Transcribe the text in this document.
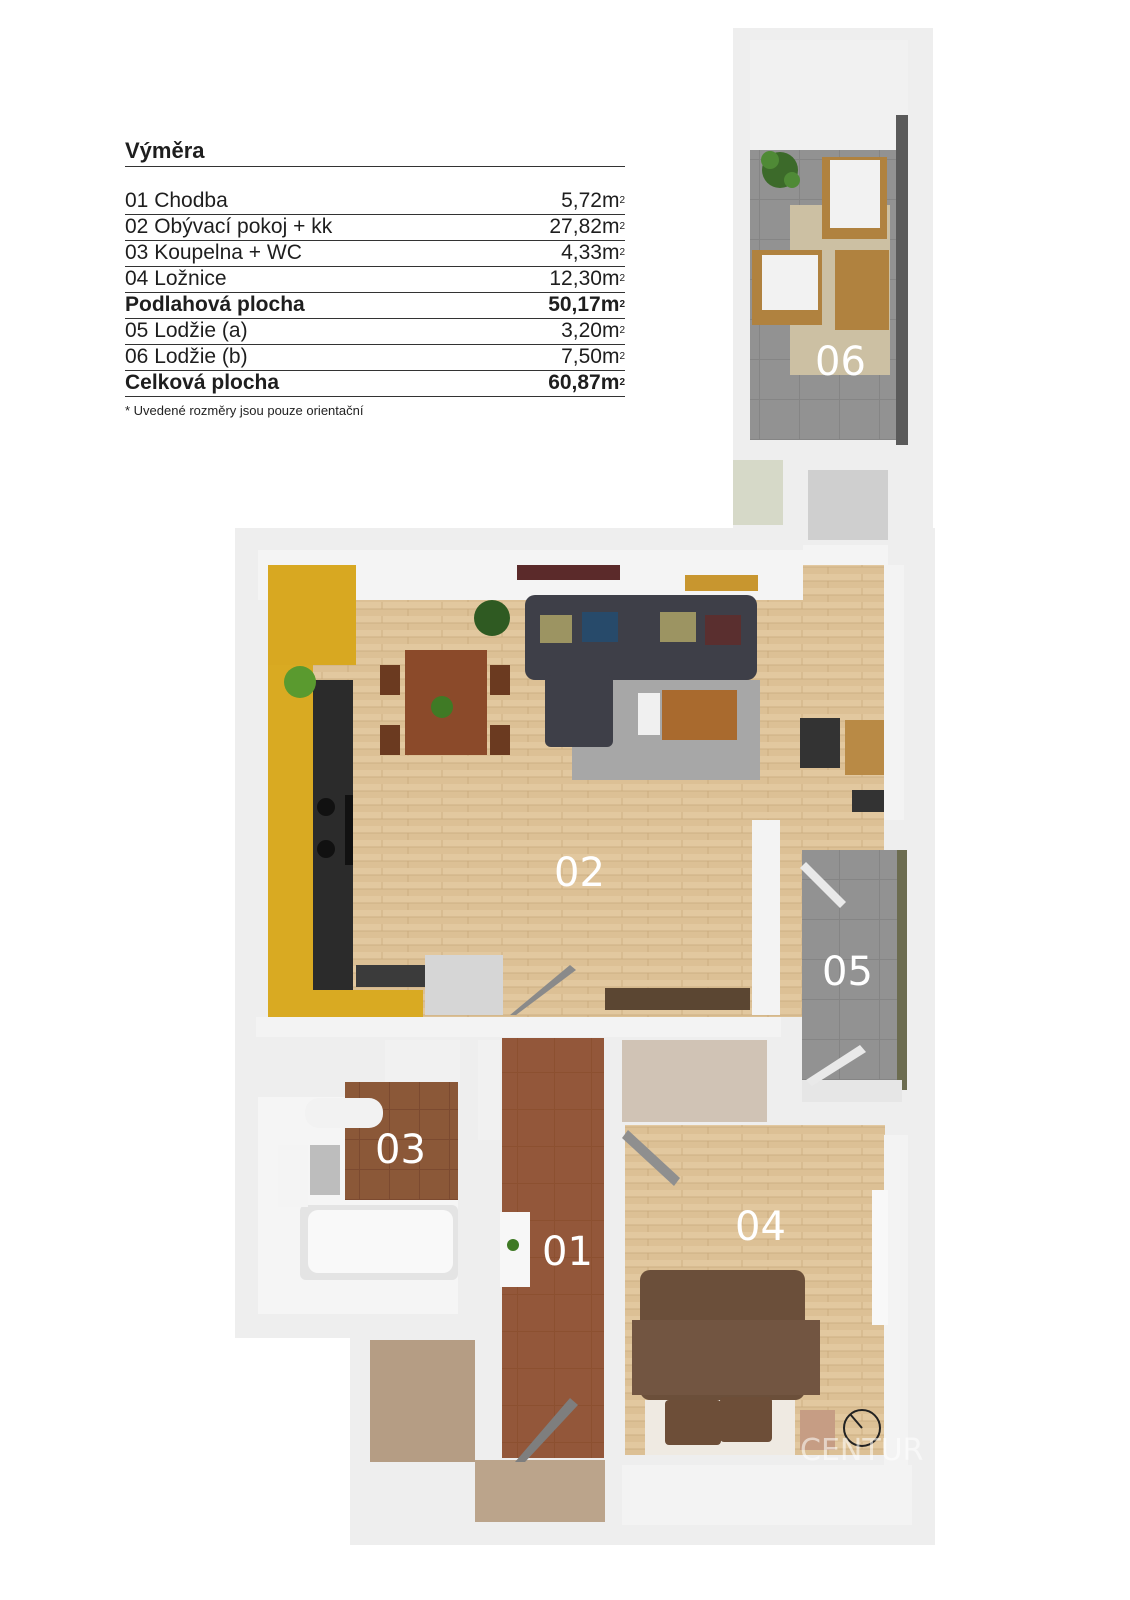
Výměra
01 Chodba	$5,72m^2$
02 Obývací pokoj + kk	$27,82m^2$
03 Koupelna + WC	$4,33m^2$
04 Ložnice	$12,30m^2$
Podlahová plocha	$50,17m^2$
05 Lodžie (a)	$3,20m^2$
06 Lodžie (b)	$7,50m^2$
Celková plocha	$60,87m^2$
* Uvedené rozměry jsou pouze orientační
02
03
01
04
05
06
CENTUR
